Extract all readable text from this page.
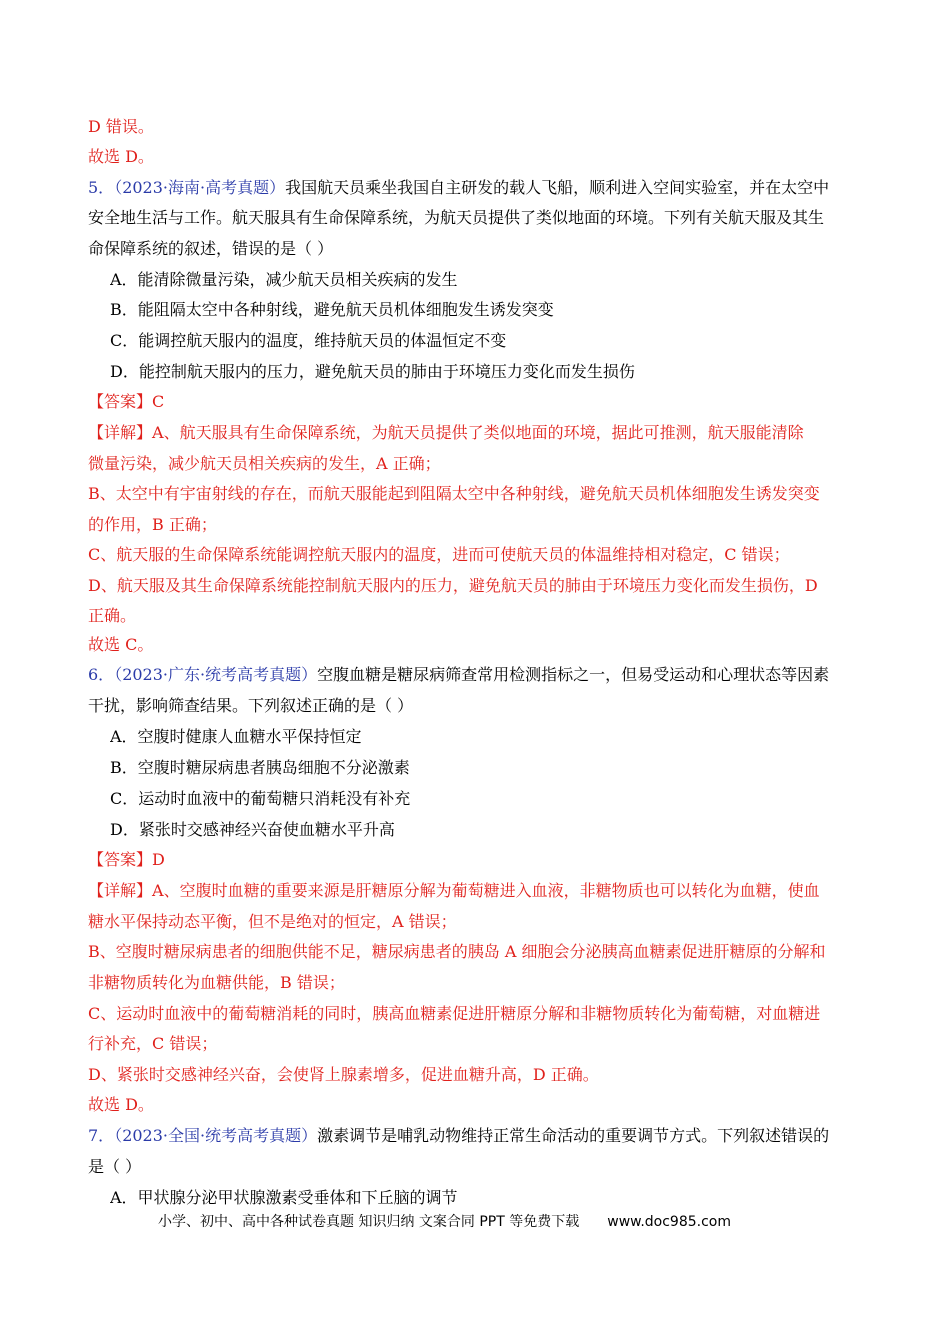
D 错误。
故选 D。
5．（2023·海南·高考真题）我国航天员乘坐我国自主研发的载人飞船，顺利进入空间实验室，并在太空中
安全地生活与工作。航天服具有生命保障系统，为航天员提供了类似地面的环境。下列有关航天服及其生
命保障系统的叙述，错误的是（ ）
A．能清除微量污染，减少航天员相关疾病的发生
B．能阻隔太空中各种射线，避免航天员机体细胞发生诱发突变
C．能调控航天服内的温度，维持航天员的体温恒定不变
D．能控制航天服内的压力，避免航天员的肺由于环境压力变化而发生损伤
【答案】C
【详解】A、航天服具有生命保障系统，为航天员提供了类似地面的环境，据此可推测，航天服能清除
微量污染，减少航天员相关疾病的发生，A 正确；
B、太空中有宇宙射线的存在，而航天服能起到阻隔太空中各种射线，避免航天员机体细胞发生诱发突变
的作用，B 正确；
C、航天服的生命保障系统能调控航天服内的温度，进而可使航天员的体温维持相对稳定，C 错误；
D、航天服及其生命保障系统能控制航天服内的压力，避免航天员的肺由于环境压力变化而发生损伤，D
正确。
故选 C。
6．（2023·广东·统考高考真题）空腹血糖是糖尿病筛查常用检测指标之一，但易受运动和心理状态等因素
干扰，影响筛查结果。下列叙述正确的是（ ）
A．空腹时健康人血糖水平保持恒定
B．空腹时糖尿病患者胰岛细胞不分泌激素
C．运动时血液中的葡萄糖只消耗没有补充
D．紧张时交感神经兴奋使血糖水平升高
【答案】D
【详解】A、空腹时血糖的重要来源是肝糖原分解为葡萄糖进入血液，非糖物质也可以转化为血糖，使血
糖水平保持动态平衡，但不是绝对的恒定，A 错误；
B、空腹时糖尿病患者的细胞供能不足，糖尿病患者的胰岛 A 细胞会分泌胰高血糖素促进肝糖原的分解和
非糖物质转化为血糖供能，B 错误；
C、运动时血液中的葡萄糖消耗的同时，胰高血糖素促进肝糖原分解和非糖物质转化为葡萄糖，对血糖进
行补充，C 错误；
D、紧张时交感神经兴奋，会使肾上腺素增多，促进血糖升高，D 正确。
故选 D。
7．（2023·全国·统考高考真题）激素调节是哺乳动物维持正常生命活动的重要调节方式。下列叙述错误的
是（ ）
A．甲状腺分泌甲状腺激素受垂体和下丘脑的调节
小学、初中、高中各种试卷真题 知识归纳 文案合同 PPT 等免费下载 www.doc985.com
